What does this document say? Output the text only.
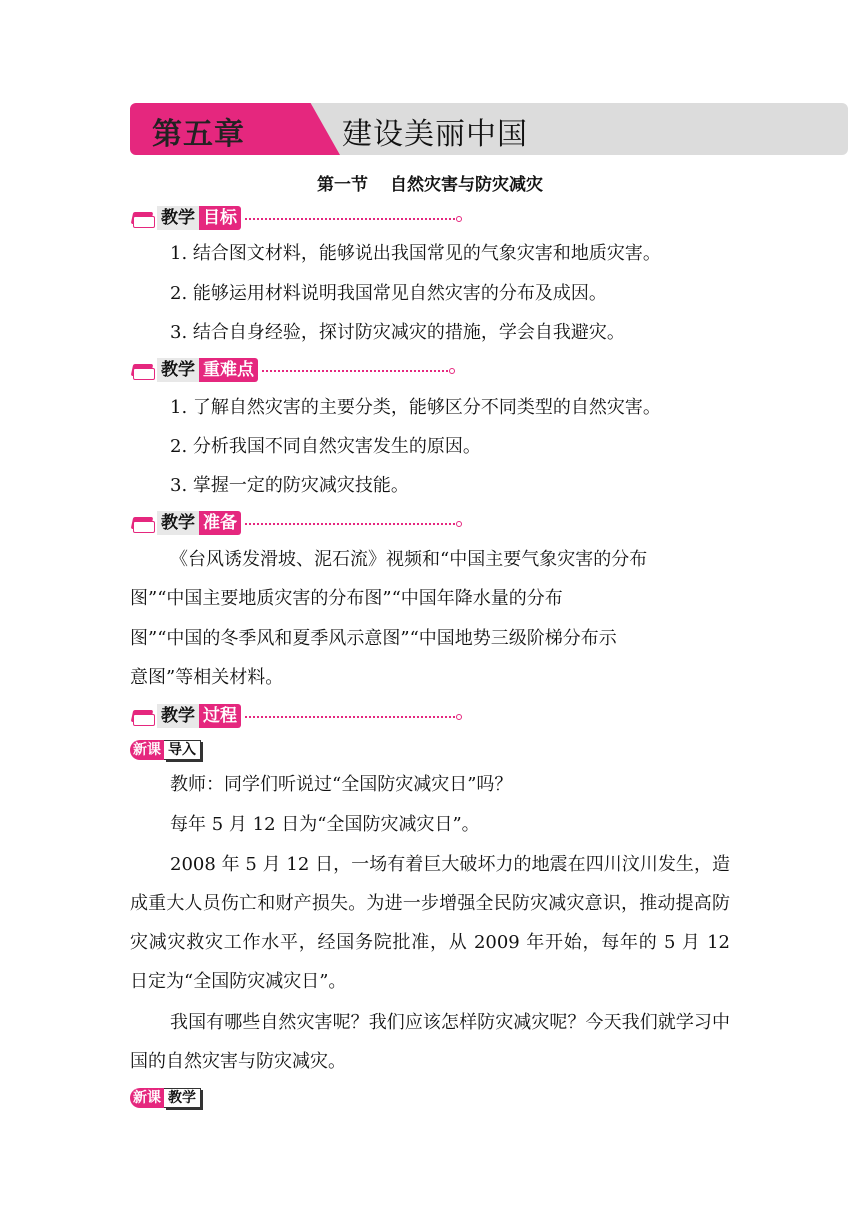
第五章	建设美丽中国
第一节 自然灾害与防灾减灾
教学 目标
1. 结合图文材料，能够说出我国常见的气象灾害和地质灾害。
2. 能够运用材料说明我国常见自然灾害的分布及成因。
3. 结合自身经验，探讨防灾减灾的措施，学会自我避灾。
教学 重难点
1. 了解自然灾害的主要分类，能够区分不同类型的自然灾害。
2. 分析我国不同自然灾害发生的原因。
3. 掌握一定的防灾减灾技能。
教学 准备
《台风诱发滑坡、泥石流》视频和“中国主要气象灾害的分布
图”“中国主要地质灾害的分布图”“中国年降水量的分布
图”“中国的冬季风和夏季风示意图”“中国地势三级阶梯分布示
意图”等相关材料。
教学 过程
新课 导入
教师：同学们听说过“全国防灾减灾日”吗？
每年 5 月 12 日为“全国防灾减灾日”。

2008 年 5 月 12 日，一场有着巨大破坏力的地震在四川汶川发生，造成重大人员伤亡和财产损失。为进一步增强全民防灾减灾意识，推动提高防灾减灾救灾工作水平，经国务院批准，从 2009 年开始，每年的 5 月 12 日定为“全国防灾减灾日”。

我国有哪些自然灾害呢？我们应该怎样防灾减灾呢？今天我们就学习中国的自然灾害与防灾减灾。

新课 教学
